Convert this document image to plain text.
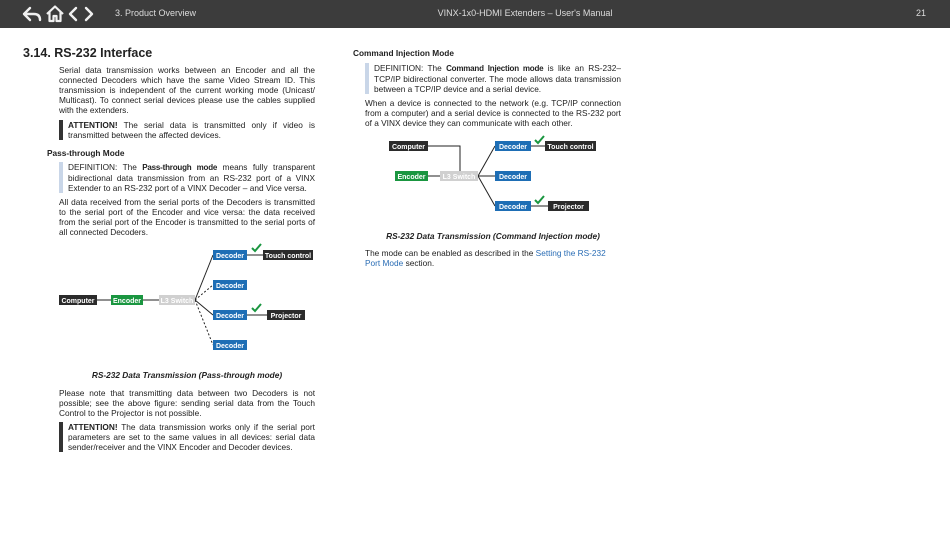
3. Product Overview	VINX-1x0-HDMI Extenders – User's Manual	21
3.14. RS-232 Interface

Serial data transmission works between an Encoder and all the connected Decoders which have the same Video Stream ID. This transmission is independent of the current working mode (Unicast/ Multicast). To connect serial devices please use the cables supplied with the extenders.

ATTENTION! The serial data is transmitted only if video is transmitted between the affected devices.

Pass-through Mode

DEFINITION: The Pass-through mode means fully transparent bidirectional data transmission from an RS-232 port of a VINX Extender to an RS-232 port of a VINX Decoder – and Vice versa.

All data received from the serial ports of the Decoders is transmitted to the serial port of the Encoder and vice versa: the data received from the serial port of the Encoder is transmitted to the serial ports of all connected Decoders.

Computer	Encoder	L3 Switch
Decoder
Decoder
Decoder
Decoder
Touch control
Projector

RS-232 Data Transmission (Pass-through mode)

Please note that transmitting data between two Decoders is not possible; see the above figure: sending serial data from the Touch Control to the Projector is not possible.

ATTENTION! The data transmission works only if the serial port parameters are set to the same values in all devices: serial data sender/receiver and the VINX Encoder and Decoder devices.

Command Injection Mode

DEFINITION: The Command Injection mode is like an RS-232–TCP/IP bidirectional converter. The mode allows data transmission between a TCP/IP device and a serial device.

When a device is connected to the network (e.g. TCP/IP connection from a computer) and a serial device is connected to the RS-232 port of a VINX device they can communicate with each other.

Computer
Encoder L3 Switch
Decoder
Decoder
Decoder
Touch control
Projector

RS-232 Data Transmission (Command Injection mode)

The mode can be enabled as described in the Setting the RS-232 Port Mode section.
